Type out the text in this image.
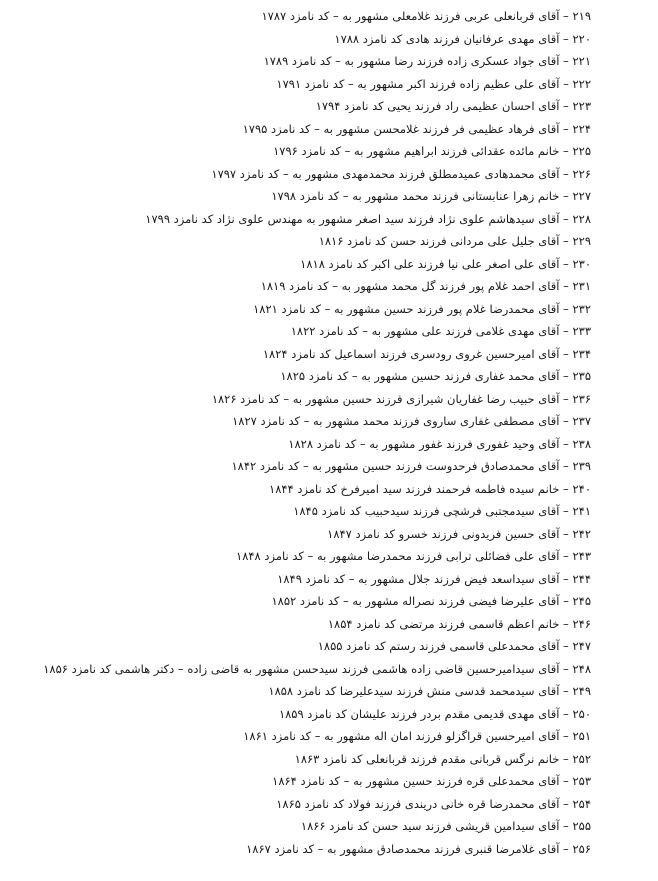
۲۱۹ – آقای قربانعلی عربی فرزند غلامعلی مشهور به – کد نامزد ۱۷۸۷
۲۲۰ – آقای مهدی عرفانیان فرزند هادی کد نامزد ۱۷۸۸
۲۲۱ – آقای جواد عسکری زاده فرزند رضا مشهور به – کد نامزد ۱۷۸۹
۲۲۲ – آقای علی عظیم زاده فرزند اکبر مشهور به – کد نامزد ۱۷۹۱
۲۲۳ – آقای احسان عظیمی راد فرزند یحیی کد نامزد ۱۷۹۴
۲۲۴ – آقای فرهاد عظیمی فر فرزند غلامحسن مشهور به – کد نامزد ۱۷۹۵
۲۲۵ – خانم مائده عقدائی فرزند ابراهیم مشهور به – کد نامزد ۱۷۹۶
۲۲۶ – آقای محمدهادی عمیدمطلق فرزند محمدمهدی مشهور به – کد نامزد ۱۷۹۷
۲۲۷ – خانم زهرا عنابستانی فرزند محمد مشهور به – کد نامزد ۱۷۹۸
۲۲۸ – آقای سیدهاشم علوی نژاد فرزند سید اصغر مشهور به مهندس علوی نژاد کد نامزد ۱۷۹۹
۲۲۹ – آقای جلیل علی مردانی فرزند حسن کد نامزد ۱۸۱۶
۲۳۰ – آقای علی اصغر علی نیا فرزند علی اکبر کد نامزد ۱۸۱۸
۲۳۱ – آقای احمد غلام پور فرزند گل محمد مشهور به – کد نامزد ۱۸۱۹
۲۳۲ – آقای محمدرضا غلام پور فرزند حسین مشهور به – کد نامزد ۱۸۲۱
۲۳۳ – آقای مهدی غلامی فرزند علی مشهور به – کد نامزد ۱۸۲۲
۲۳۴ – آقای امیرحسین غروی رودسری فرزند اسماعیل کد نامزد ۱۸۲۴
۲۳۵ – آقای محمد غفاری فرزند حسین مشهور به – کد نامزد ۱۸۲۵
۲۳۶ – آقای حبیب رضا غفاریان شیرازی فرزند حسین مشهور به – کد نامزد ۱۸۲۶
۲۳۷ – آقای مصطفی غفاری ساروی فرزند محمد مشهور به – کد نامزد ۱۸۲۷
۲۳۸ – آقای وحید غفوری فرزند غفور مشهور به – کد نامزد ۱۸۲۸
۲۳۹ – آقای محمدصادق فرحدوست فرزند حسین مشهور به – کد نامزد ۱۸۴۲
۲۴۰ – خانم سیده فاطمه فرحمند فرزند سید امیرفرخ کد نامزد ۱۸۴۴
۲۴۱ – آقای سیدمجتبی فرشچی فرزند سیدحبیب کد نامزد ۱۸۴۵
۲۴۲ – آقای حسین فریدونی فرزند خسرو کد نامزد ۱۸۴۷
۲۴۳ – آقای علی فضائلی ترابی فرزند محمدرضا مشهور به – کد نامزد ۱۸۴۸
۲۴۴ – آقای سیداسعد فیض فرزند جلال مشهور به – کد نامزد ۱۸۴۹
۲۴۵ – آقای علیرضا فیضی فرزند نصراله مشهور به – کد نامزد ۱۸۵۲
۲۴۶ – خانم اعظم قاسمی فرزند مرتضی کد نامزد ۱۸۵۴
۲۴۷ – آقای محمدعلی قاسمی فرزند رستم کد نامزد ۱۸۵۵
۲۴۸ – آقای سیدامیرحسین قاضی زاده هاشمی فرزند سیدحسن مشهور به قاضی زاده – دکتر هاشمی کد نامزد ۱۸۵۶
۲۴۹ – آقای سیدمحمد قدسی منش فرزند سیدعلیرضا کد نامزد ۱۸۵۸
۲۵۰ – آقای مهدی قدیمی مقدم بردر فرزند علیشان کد نامزد ۱۸۵۹
۲۵۱ – آقای امیرحسین قراگزلو فرزند امان اله مشهور به – کد نامزد ۱۸۶۱
۲۵۲ – خانم نرگس قربانی مقدم فرزند قربانعلی کد نامزد ۱۸۶۳
۲۵۳ – آقای محمدعلی قره فرزند حسین مشهور به – کد نامزد ۱۸۶۴
۲۵۴ – آقای محمدرضا قره خانی دریندی فرزند فولاد کد نامزد ۱۸۶۵
۲۵۵ – آقای سیدامین قریشی فرزند سید حسن کد نامزد ۱۸۶۶
۲۵۶ – آقای غلامرضا قنبری فرزند محمدصادق مشهور به – کد نامزد ۱۸۶۷
